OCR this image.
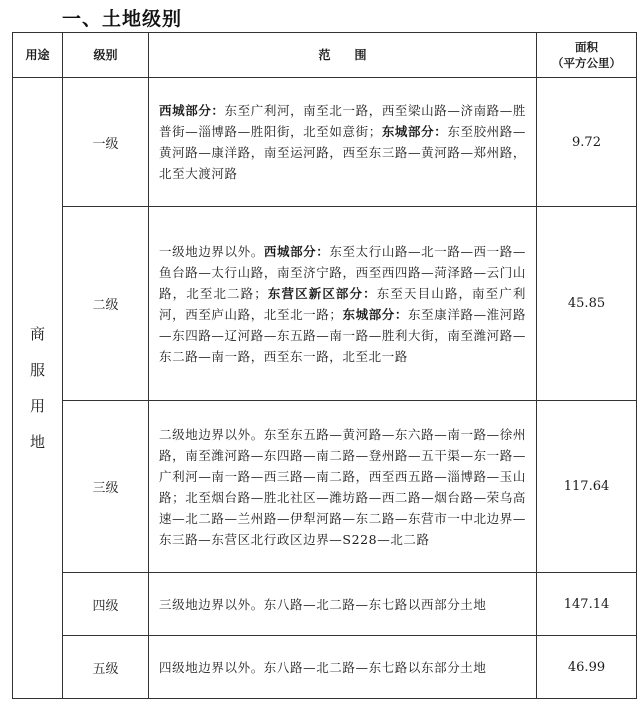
一、土地级别
用途	级别	范　　围	面积
（平方公里）

商服用地	一级	西城部分：东至广利河，南至北一路，西至梁山路—济南路—胜普街—淄博路—胜阳街，北至如意街；东城部分：东至胶州路—黄河路—康洋路，南至运河路，西至东三路—黄河路—郑州路，北至大渡河路	9.72
	二级	一级地边界以外。西城部分：东至太行山路—北一路—西一路—鱼台路—太行山路，南至济宁路，西至西四路—菏泽路—云门山路，北至北二路；东营区新区部分：东至天目山路，南至广利河，西至庐山路，北至北一路；东城部分：东至康洋路—淮河路—东四路—辽河路—东五路—南一路—胜利大街，南至潍河路—东二路—南一路，西至东一路，北至北一路	45.85
	三级	二级地边界以外。东至东五路—黄河路—东六路—南一路—徐州路，南至潍河路—东四路—南二路—登州路—五干渠—东一路—广利河—南一路—西三路—南二路，西至西五路—淄博路—玉山路；北至烟台路—胜北社区—潍坊路—西二路—烟台路—荣乌高速—北二路—兰州路—伊犁河路—东二路—东营市一中北边界—东三路—东营区北行政区边界—S228—北二路	117.64
	四级	三级地边界以外。东八路—北二路—东七路以西部分土地	147.14
	五级	四级地边界以外。东八路—北二路—东七路以东部分土地	46.99
